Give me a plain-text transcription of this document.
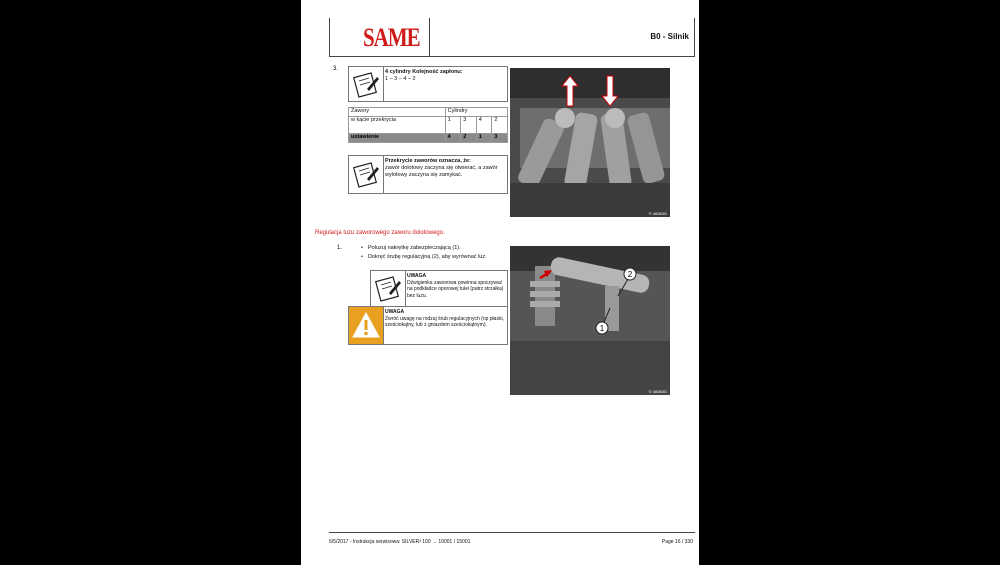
SAME	B0 - Silnik
3.	4 cylindry Kolejność zapłonu:
1 – 3 – 4 – 2
Zawory	Cylindry			
w kącie przekrycia	1	3	4	2
ustawienie	4	2	1	3
Przekrycie zaworów oznacza, że:
zawór dolotowy zaczyna się otwierać, a zawór wylotowy zaczyna się zamykać.
© 46083G
Regulacja luzu zaworowego zaworu dolotowego.
1.	• Poluzuj nakrętkę zabezpieczającą (1).
• Dokręć śrubę regulacyjną (2), aby wyrównać luz.
UWAGA
Dźwigienka zaworowa powinna spoczywać na podkładce oporowej tulei (patrz strzałka) bez luzu.
UWAGA
Zwróć uwagę na rodzaj śrub regulacyjnych (np płaski, sześciokątny, lub z gniazdem sześciokątnym).
2
1
© 46083G
6/5/2017 - Instrukcja serwisowa: SILVER³ 100 → 10001 / 15001	Page 16 / 330
